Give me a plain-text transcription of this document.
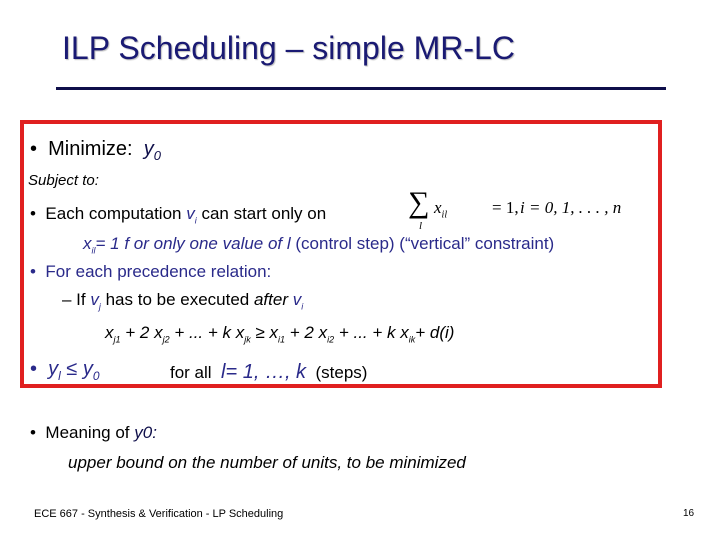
ILP Scheduling – simple MR-LC
• Minimize: $y_0$
Subject to:
• Each computation $v_i$ can start only on	∑
l
$x_{il}$	= 1, i = 0, 1, . . . , n
$x_{il}= 1$ f or only one value of l (control step) (“vertical” constraint)
• For each precedence relation:
– If $v_j$ has to be executed after $v_i$
$x_{j1} + 2$ $x_{j2}$ + ... + k $x_{jk} \ge x_{i1} + 2$ $x_{i2}$ + ... + k $x_{ik}+ d(i)$
• $y_l \le y_0$	for all l= 1, …, k (steps)
• Meaning of y0:
upper bound on the number of units, to be minimized
ECE 667 - Synthesis & Verification - LP Scheduling	16
